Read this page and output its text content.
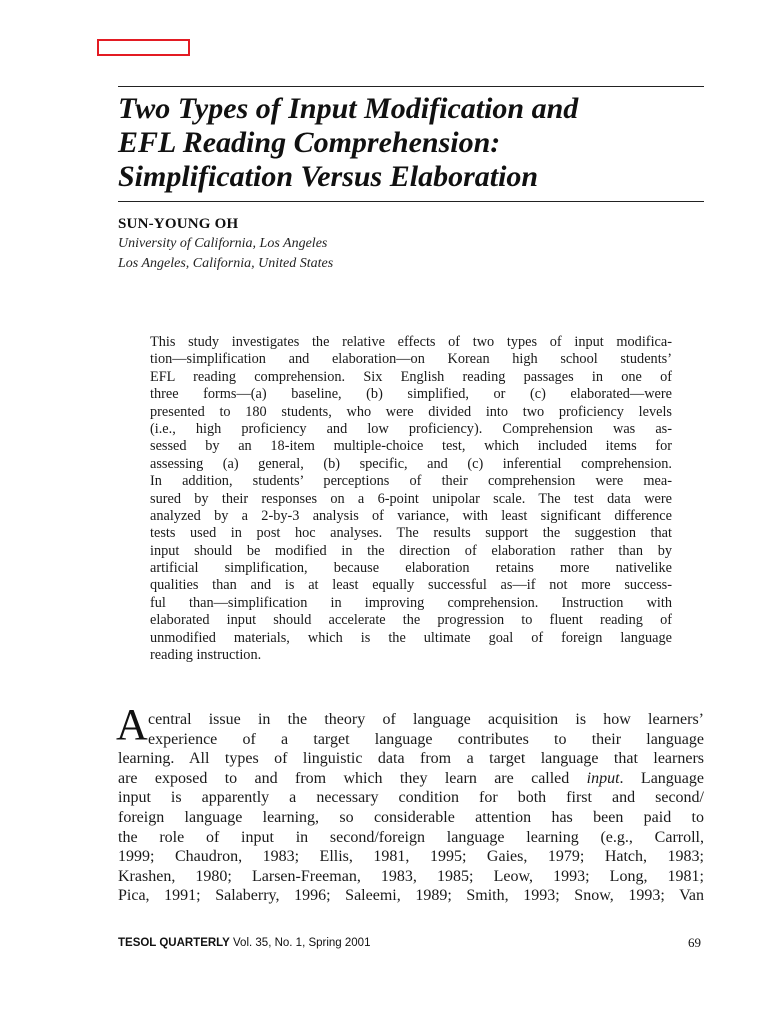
Two Types of Input Modification and
EFL Reading Comprehension:
Simplification Versus Elaboration
SUN-YOUNG OH
University of California, Los Angeles
Los Angeles, California, United States
This study investigates the relative effects of two types of input modifica-
tion—simplification and elaboration—on Korean high school students’
EFL reading comprehension. Six English reading passages in one of
three forms—(a) baseline, (b) simplified, or (c) elaborated—were
presented to 180 students, who were divided into two proficiency levels
(i.e., high proficiency and low proficiency). Comprehension was as-
sessed by an 18-item multiple-choice test, which included items for
assessing (a) general, (b) specific, and (c) inferential comprehension.
In addition, students’ perceptions of their comprehension were mea-
sured by their responses on a 6-point unipolar scale. The test data were
analyzed by a 2-by-3 analysis of variance, with least significant difference
tests used in post hoc analyses. The results support the suggestion that
input should be modified in the direction of elaboration rather than by
artificial simplification, because elaboration retains more nativelike
qualities than and is at least equally successful as—if not more success-
ful than—simplification in improving comprehension. Instruction with
elaborated input should accelerate the progression to fluent reading of
unmodified materials, which is the ultimate goal of foreign language
reading instruction.
A central issue in the theory of language acquisition is how learners’
experience of a target language contributes to their language
learning. All types of linguistic data from a target language that learners
are exposed to and from which they learn are called input. Language
input is apparently a necessary condition for both first and second/
foreign language learning, so considerable attention has been paid to
the role of input in second/foreign language learning (e.g., Carroll,
1999; Chaudron, 1983; Ellis, 1981, 1995; Gaies, 1979; Hatch, 1983;
Krashen, 1980; Larsen-Freeman, 1983, 1985; Leow, 1993; Long, 1981;
Pica, 1991; Salaberry, 1996; Saleemi, 1989; Smith, 1993; Snow, 1993; Van
TESOL QUARTERLY Vol. 35, No. 1, Spring 2001	69
